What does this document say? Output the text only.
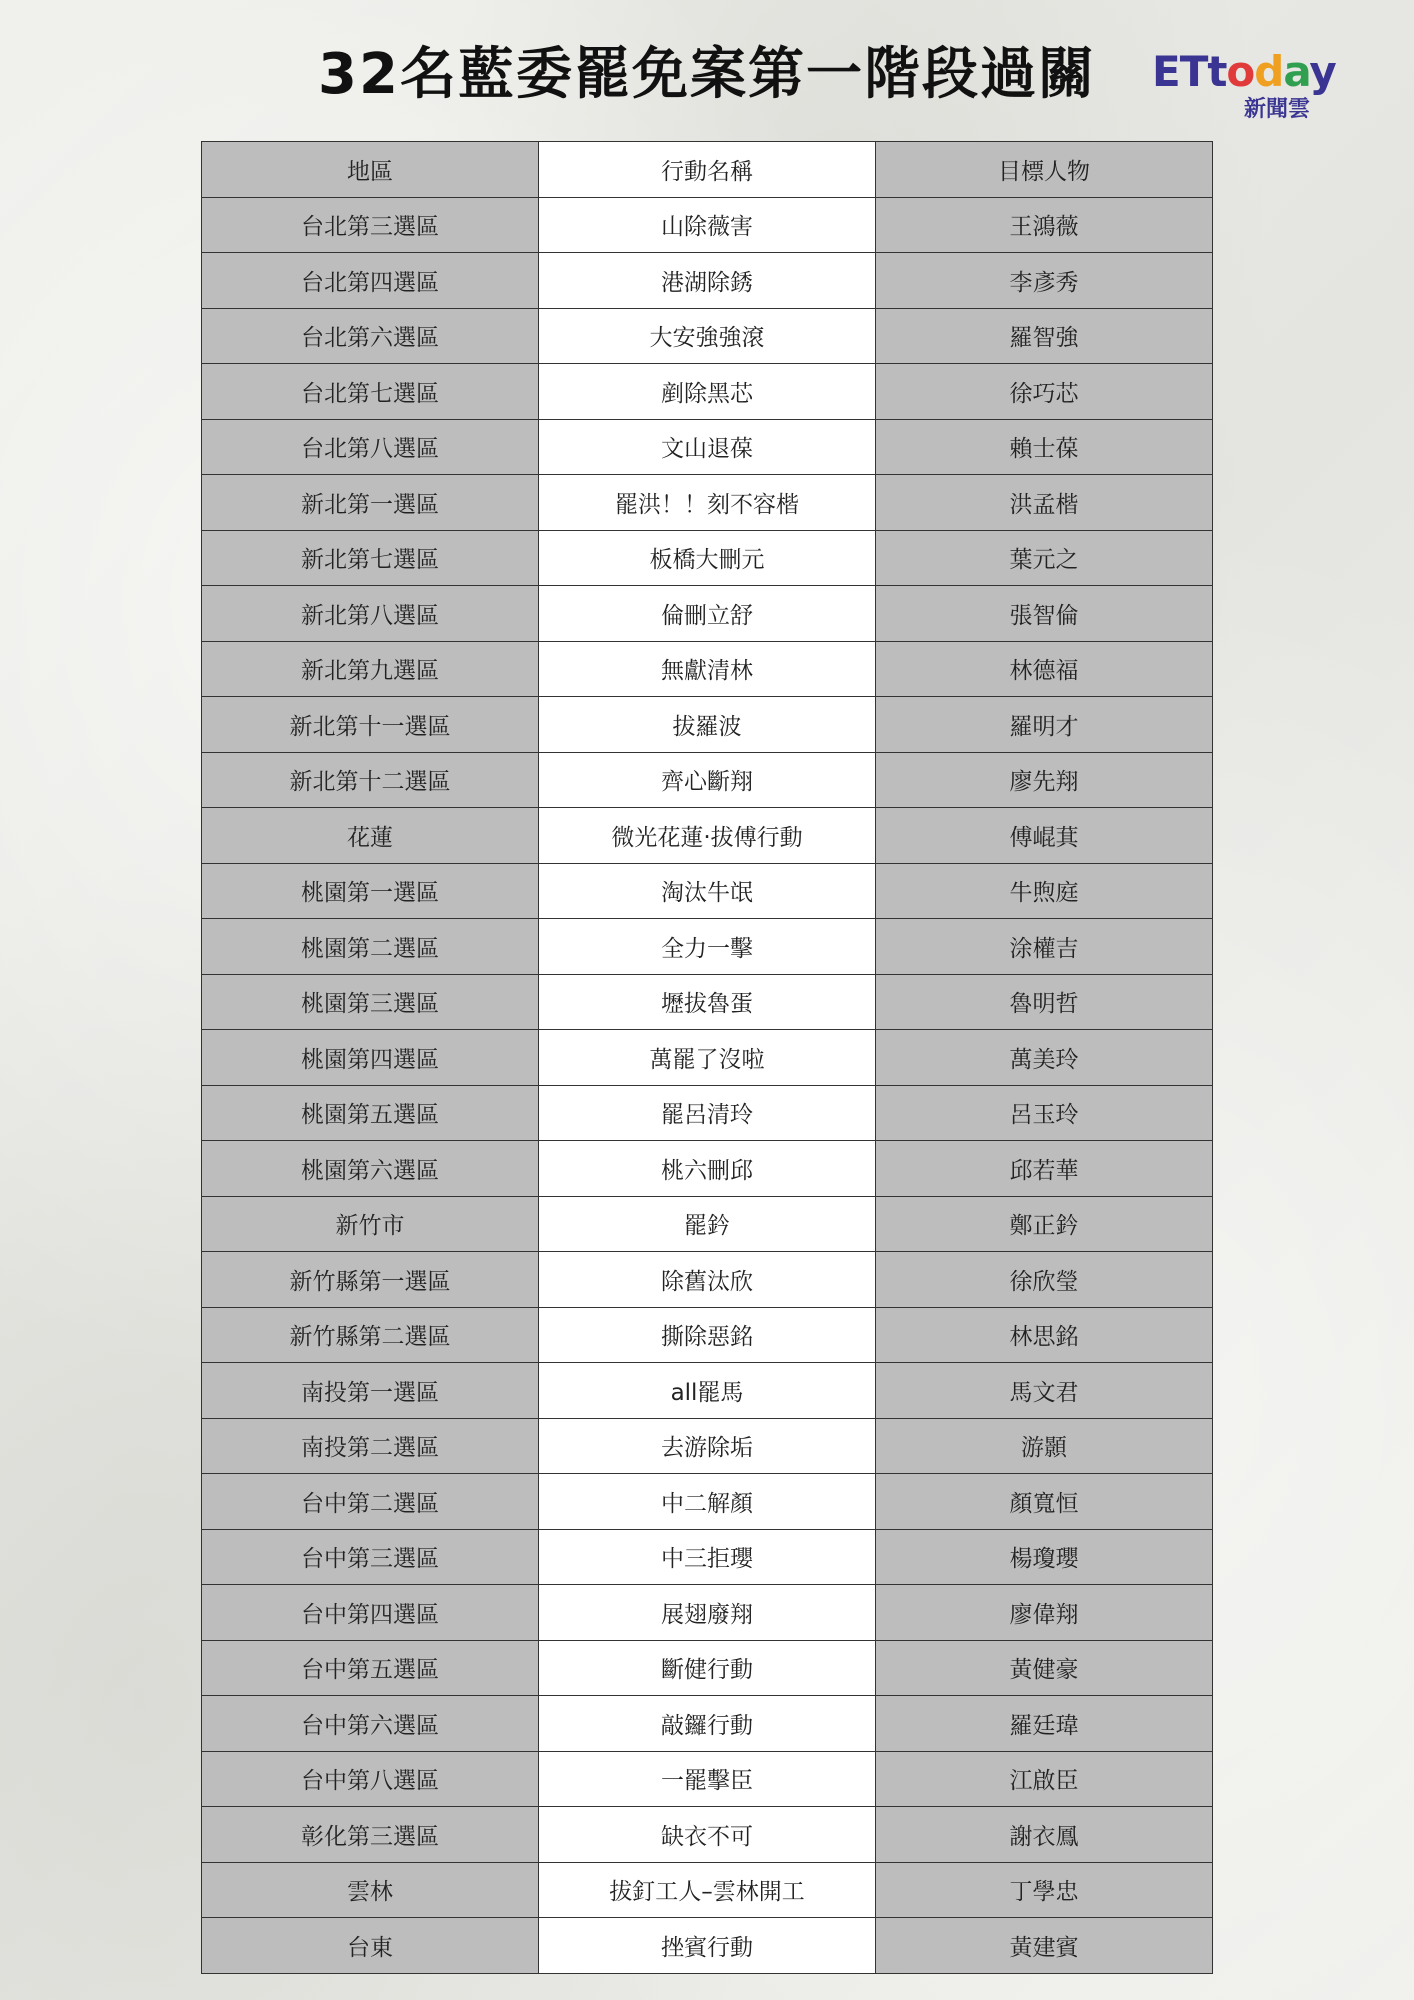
32名藍委罷免案第一階段過關	ETtoday
新聞雲
地區	行動名稱	目標人物
台北第三選區	山除薇害	王鴻薇
台北第四選區	港湖除銹	李彥秀
台北第六選區	大安強強滾	羅智強
台北第七選區	剷除黑芯	徐巧芯
台北第八選區	文山退葆	賴士葆
新北第一選區	罷洪！！刻不容楷	洪孟楷
新北第七選區	板橋大刪元	葉元之
新北第八選區	倫刪立舒	張智倫
新北第九選區	無獻清林	林德福
新北第十一選區	拔羅波	羅明才
新北第十二選區	齊心斷翔	廖先翔
花蓮	微光花蓮‧拔傅行動	傅崐萁
桃園第一選區	淘汰牛氓	牛煦庭
桃園第二選區	全力一擊	涂權吉
桃園第三選區	壢拔魯蛋	魯明哲
桃園第四選區	萬罷了沒啦	萬美玲
桃園第五選區	罷呂清玲	呂玉玲
桃園第六選區	桃六刪邱	邱若華
新竹市	罷鈐	鄭正鈐
新竹縣第一選區	除舊汰欣	徐欣瑩
新竹縣第二選區	撕除惡銘	林思銘
南投第一選區	all罷馬	馬文君
南投第二選區	去游除垢	游顥
台中第二選區	中二解顏	顏寬恒
台中第三選區	中三拒瓔	楊瓊瓔
台中第四選區	展翅廢翔	廖偉翔
台中第五選區	斷健行動	黃健豪
台中第六選區	敲鑼行動	羅廷瑋
台中第八選區	一罷擊臣	江啟臣
彰化第三選區	缺衣不可	謝衣鳳
雲林	拔釘工人–雲林開工	丁學忠
台東	挫賓行動	黃建賓
